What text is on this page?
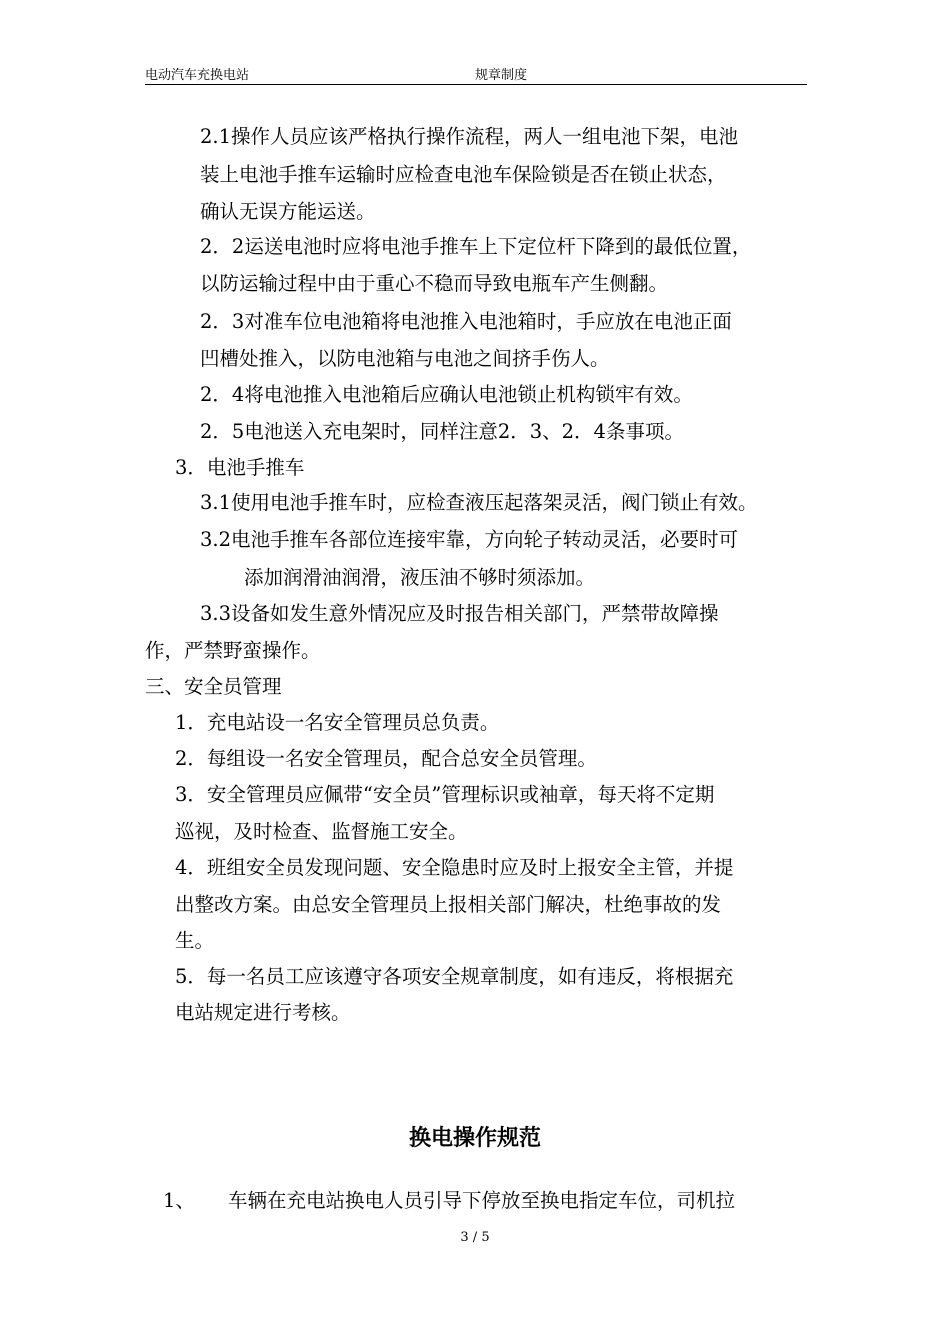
电动汽车充换电站	规章制度
2.1操作人员应该严格执行操作流程，两人一组电池下架，电池
装上电池手推车运输时应检查电池车保险锁是否在锁止状态，
确认无误方能运送。
2．2运送电池时应将电池手推车上下定位杆下降到的最低位置，
以防运输过程中由于重心不稳而导致电瓶车产生侧翻。
2．3对准车位电池箱将电池推入电池箱时，手应放在电池正面
凹槽处推入，以防电池箱与电池之间挤手伤人。
2．4将电池推入电池箱后应确认电池锁止机构锁牢有效。
2．5电池送入充电架时，同样注意2．3、2．4条事项。
3．电池手推车
3.1使用电池手推车时，应检查液压起落架灵活，阀门锁止有效。
3.2电池手推车各部位连接牢靠，方向轮子转动灵活，必要时可
添加润滑油润滑，液压油不够时须添加。
3.3设备如发生意外情况应及时报告相关部门，严禁带故障操
作，严禁野蛮操作。
三、安全员管理
1．充电站设一名安全管理员总负责。
2．每组设一名安全管理员，配合总安全员管理。
3．安全管理员应佩带“安全员”管理标识或袖章，每天将不定期
巡视，及时检查、监督施工安全。
4．班组安全员发现问题、安全隐患时应及时上报安全主管，并提
出整改方案。由总安全管理员上报相关部门解决，杜绝事故的发
生。
5．每一名员工应该遵守各项安全规章制度，如有违反，将根据充
电站规定进行考核。
换电操作规范
1、 车辆在充电站换电人员引导下停放至换电指定车位，司机拉
3 / 5
